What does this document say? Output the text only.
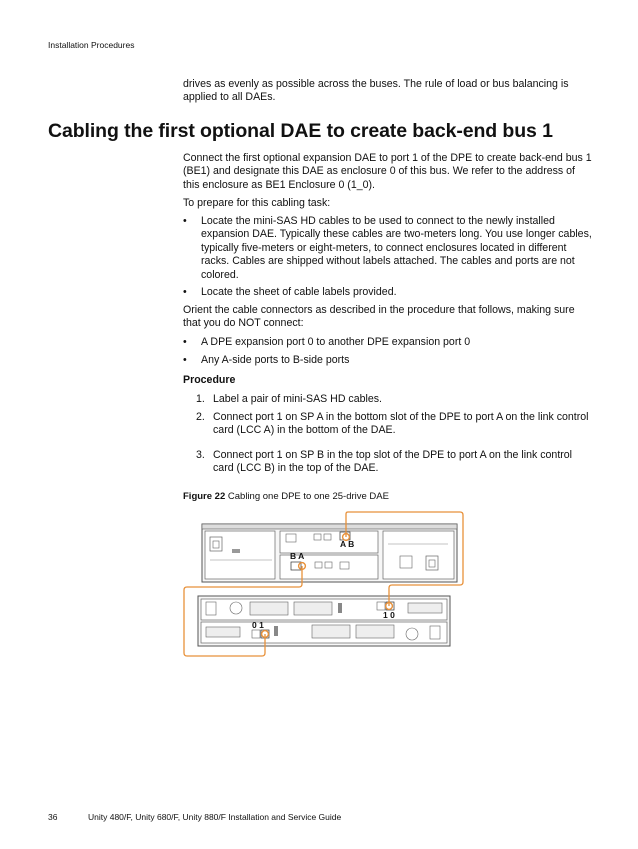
Installation Procedures
drives as evenly as possible across the buses. The rule of load or bus balancing is applied to all DAEs.
Cabling the first optional DAE to create back-end bus 1
Connect the first optional expansion DAE to port 1 of the DPE to create back-end bus 1 (BE1) and designate this DAE as enclosure 0 of this bus. We refer to the address of this enclosure as BE1 Enclosure 0 (1_0).
To prepare for this cabling task:
• Locate the mini-SAS HD cables to be used to connect to the newly installed expansion DAE. Typically these cables are two-meters long. You use longer cables, typically five-meters or eight-meters, to connect enclosures located in different racks. Cables are shipped without labels attached. The cables and ports are not colored.
• Locate the sheet of cable labels provided.
Orient the cable connectors as described in the procedure that follows, making sure that you do NOT connect:
• A DPE expansion port 0 to another DPE expansion port 0
• Any A-side ports to B-side ports
Procedure
1. Label a pair of mini-SAS HD cables.
2. Connect port 1 on SP A in the bottom slot of the DPE to port A on the link control card (LCC A) in the bottom of the DAE.
3. Connect port 1 on SP B in the top slot of the DPE to port A on the link control card (LCC B) in the top of the DAE.
Figure 22 Cabling one DPE to one 25-drive DAE
A B
B A
1 0
0 1
36	Unity 480/F, Unity 680/F, Unity 880/F Installation and Service Guide
